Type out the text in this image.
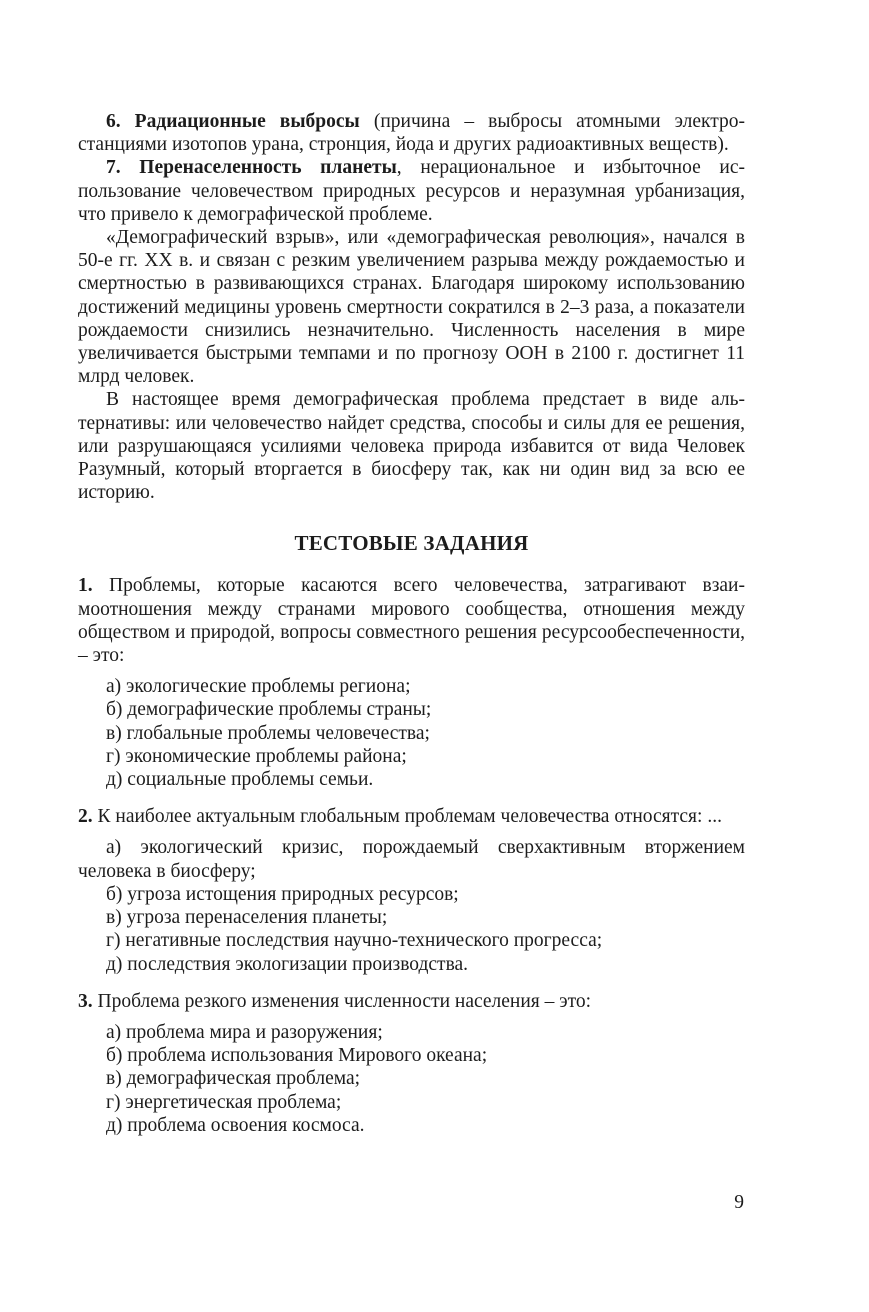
6. Радиационные выбросы (причина – выбросы атомными электростанциями изотопов урана, стронция, йода и других радиоактивных веществ).

7. Перенаселенность планеты, нерациональное и избыточное использование человечеством природных ресурсов и неразумная урбанизация, что привело к демографической проблеме.

«Демографический взрыв», или «демографическая революция», начался в 50-е гг. XX в. и связан с резким увеличением разрыва между рождаемостью и смертностью в развивающихся странах. Благодаря широкому использованию достижений медицины уровень смертности сократился в 2–3 раза, а показатели рождаемости снизились незначительно. Численность населения в мире увеличивается быстрыми темпами и по прогнозу ООН в 2100 г. достигнет 11 млрд человек.

В настоящее время демографическая проблема предстает в виде альтернативы: или человечество найдет средства, способы и силы для ее решения, или разрушающаяся усилиями человека природа избавится от вида Человек Разумный, который вторгается в биосферу так, как ни один вид за всю ее историю.

ТЕСТОВЫЕ ЗАДАНИЯ

1. Проблемы, которые касаются всего человечества, затрагивают взаимоотношения между странами мирового сообщества, отношения между обществом и природой, вопросы совместного решения ресурсообеспеченности, – это:

а) экологические проблемы региона;
б) демографические проблемы страны;
в) глобальные проблемы человечества;
г) экономические проблемы района;
д) социальные проблемы семьи.

2. К наиболее актуальным глобальным проблемам человечества относятся: ...

а) экологический кризис, порождаемый сверхактивным вторжением человека в биосферу;
б) угроза истощения природных ресурсов;
в) угроза перенаселения планеты;
г) негативные последствия научно-технического прогресса;
д) последствия экологизации производства.

3. Проблема резкого изменения численности населения – это:

а) проблема мира и разоружения;
б) проблема использования Мирового океана;
в) демографическая проблема;
г) энергетическая проблема;
д) проблема освоения космоса.
9
